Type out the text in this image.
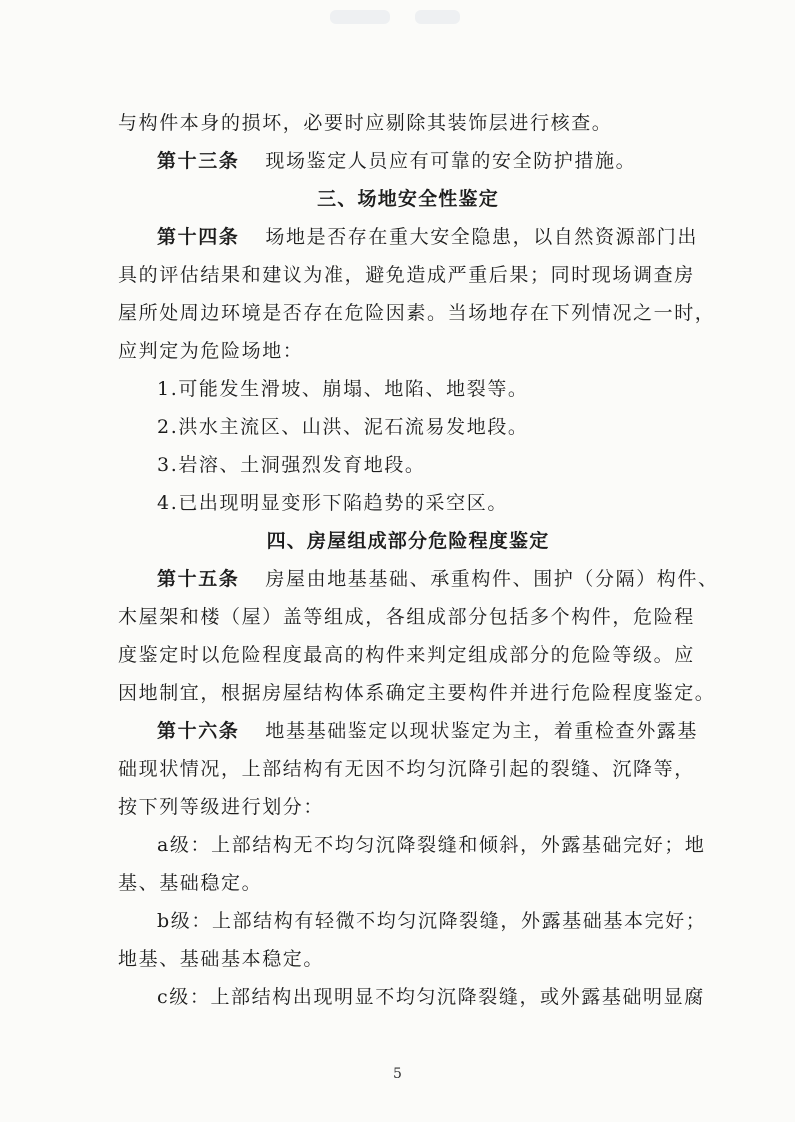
与构件本身的损坏，必要时应剔除其装饰层进行核查。
第十三条 现场鉴定人员应有可靠的安全防护措施。
三、场地安全性鉴定
第十四条 场地是否存在重大安全隐患，以自然资源部门出
具的评估结果和建议为准，避免造成严重后果；同时现场调查房
屋所处周边环境是否存在危险因素。当场地存在下列情况之一时，
应判定为危险场地：
1.可能发生滑坡、崩塌、地陷、地裂等。
2.洪水主流区、山洪、泥石流易发地段。
3.岩溶、土洞强烈发育地段。
4.已出现明显变形下陷趋势的采空区。
四、房屋组成部分危险程度鉴定
第十五条 房屋由地基基础、承重构件、围护（分隔）构件、
木屋架和楼（屋）盖等组成，各组成部分包括多个构件，危险程
度鉴定时以危险程度最高的构件来判定组成部分的危险等级。应
因地制宜，根据房屋结构体系确定主要构件并进行危险程度鉴定。
第十六条 地基基础鉴定以现状鉴定为主，着重检查外露基
础现状情况，上部结构有无因不均匀沉降引起的裂缝、沉降等，
按下列等级进行划分：
a级：上部结构无不均匀沉降裂缝和倾斜，外露基础完好；地
基、基础稳定。
b级：上部结构有轻微不均匀沉降裂缝，外露基础基本完好；
地基、基础基本稳定。
c级：上部结构出现明显不均匀沉降裂缝，或外露基础明显腐
5
